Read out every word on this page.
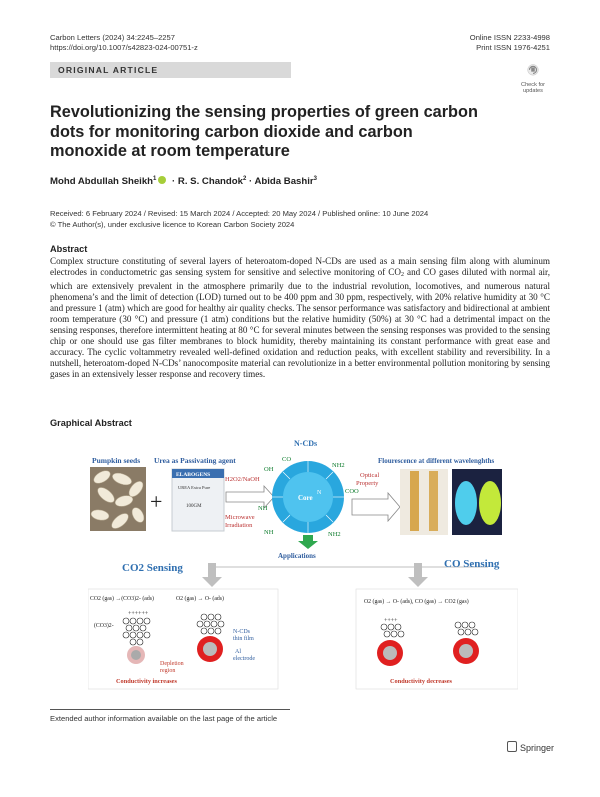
Carbon Letters (2024) 34:2245–2257
https://doi.org/10.1007/s42823-024-00751-z
Online ISSN 2233-4998
Print ISSN 1976-4251
ORIGINAL ARTICLE
Check for
updates
Revolutionizing the sensing properties of green carbon dots for monitoring carbon dioxide and carbon monoxide at room temperature
Mohd Abdullah Sheikh$^1$ · R. S. Chandok$^2$ · Abida Bashir$^3$
Received: 6 February 2024 / Revised: 15 March 2024 / Accepted: 20 May 2024 / Published online: 10 June 2024
© The Author(s), under exclusive licence to Korean Carbon Society 2024
Abstract
Complex structure constituting of several layers of heteroatom-doped N-CDs are used as a main sensing film along with aluminum electrodes in conductometric gas sensing system for sensitive and selective monitoring of $CO_2$ and CO gases diluted with normal air, which are extensively prevalent in the atmosphere primarily due to the industrial revolution, locomotives, and numerous natural phenomena’s and the limit of detection (LOD) turned out to be 400 ppm and 30 ppm, respectively, with 20% relative humidity at 30 °C and pressure 1 (atm) which are good for healthy air quality checks. The sensor performance was satisfactory and bidirectional at ambient room temperature (30 °C) and pressure (1 atm) conditions but the relative humidity (50%) at 30 °C had a detrimental impact on the sensing responses, therefore intermittent heating at 80 °C for several minutes between the sensing responses was provided to the sensing chip or one should use gas filter membranes to block humidity, thereby maintaining its constant performance with great ease and accuracy. The cyclic voltammetry revealed well-defined oxidation and reduction peaks, with excellent stability and reversibility. In a nutshell, heteroatom-doped N-CDs’ nanocomposite material can revolutionize in a better environmental pollution monitoring by sensing gases in an extensively lesser response and recovery times.
Graphical Abstract
Pumpkin seeds
+
Urea as Passivating agent
ELABOGENS
UREA Extra Pure
100GM
H2O2/NaOH
Microwave
Irradiation
N-CDs
Core
N
CO
OH
NH
NH2
COO
NH2
NH
Applications
Flourescence at different wavelenghths
Optical
Property
CO2 Sensing	CO Sensing
CO2 (gas) →(CO3)2- (ads)	O2 (gas) → O- (ads)
(CO3)2-
++++++
N-CDs
thin film
Al
electrode
Depletion
region
Conductivity increases
O2 (gas) → O- (ads), CO (gas) → CO2 (gas)
++++
Conductivity decreases
Extended author information available on the last page of the article
Springer
